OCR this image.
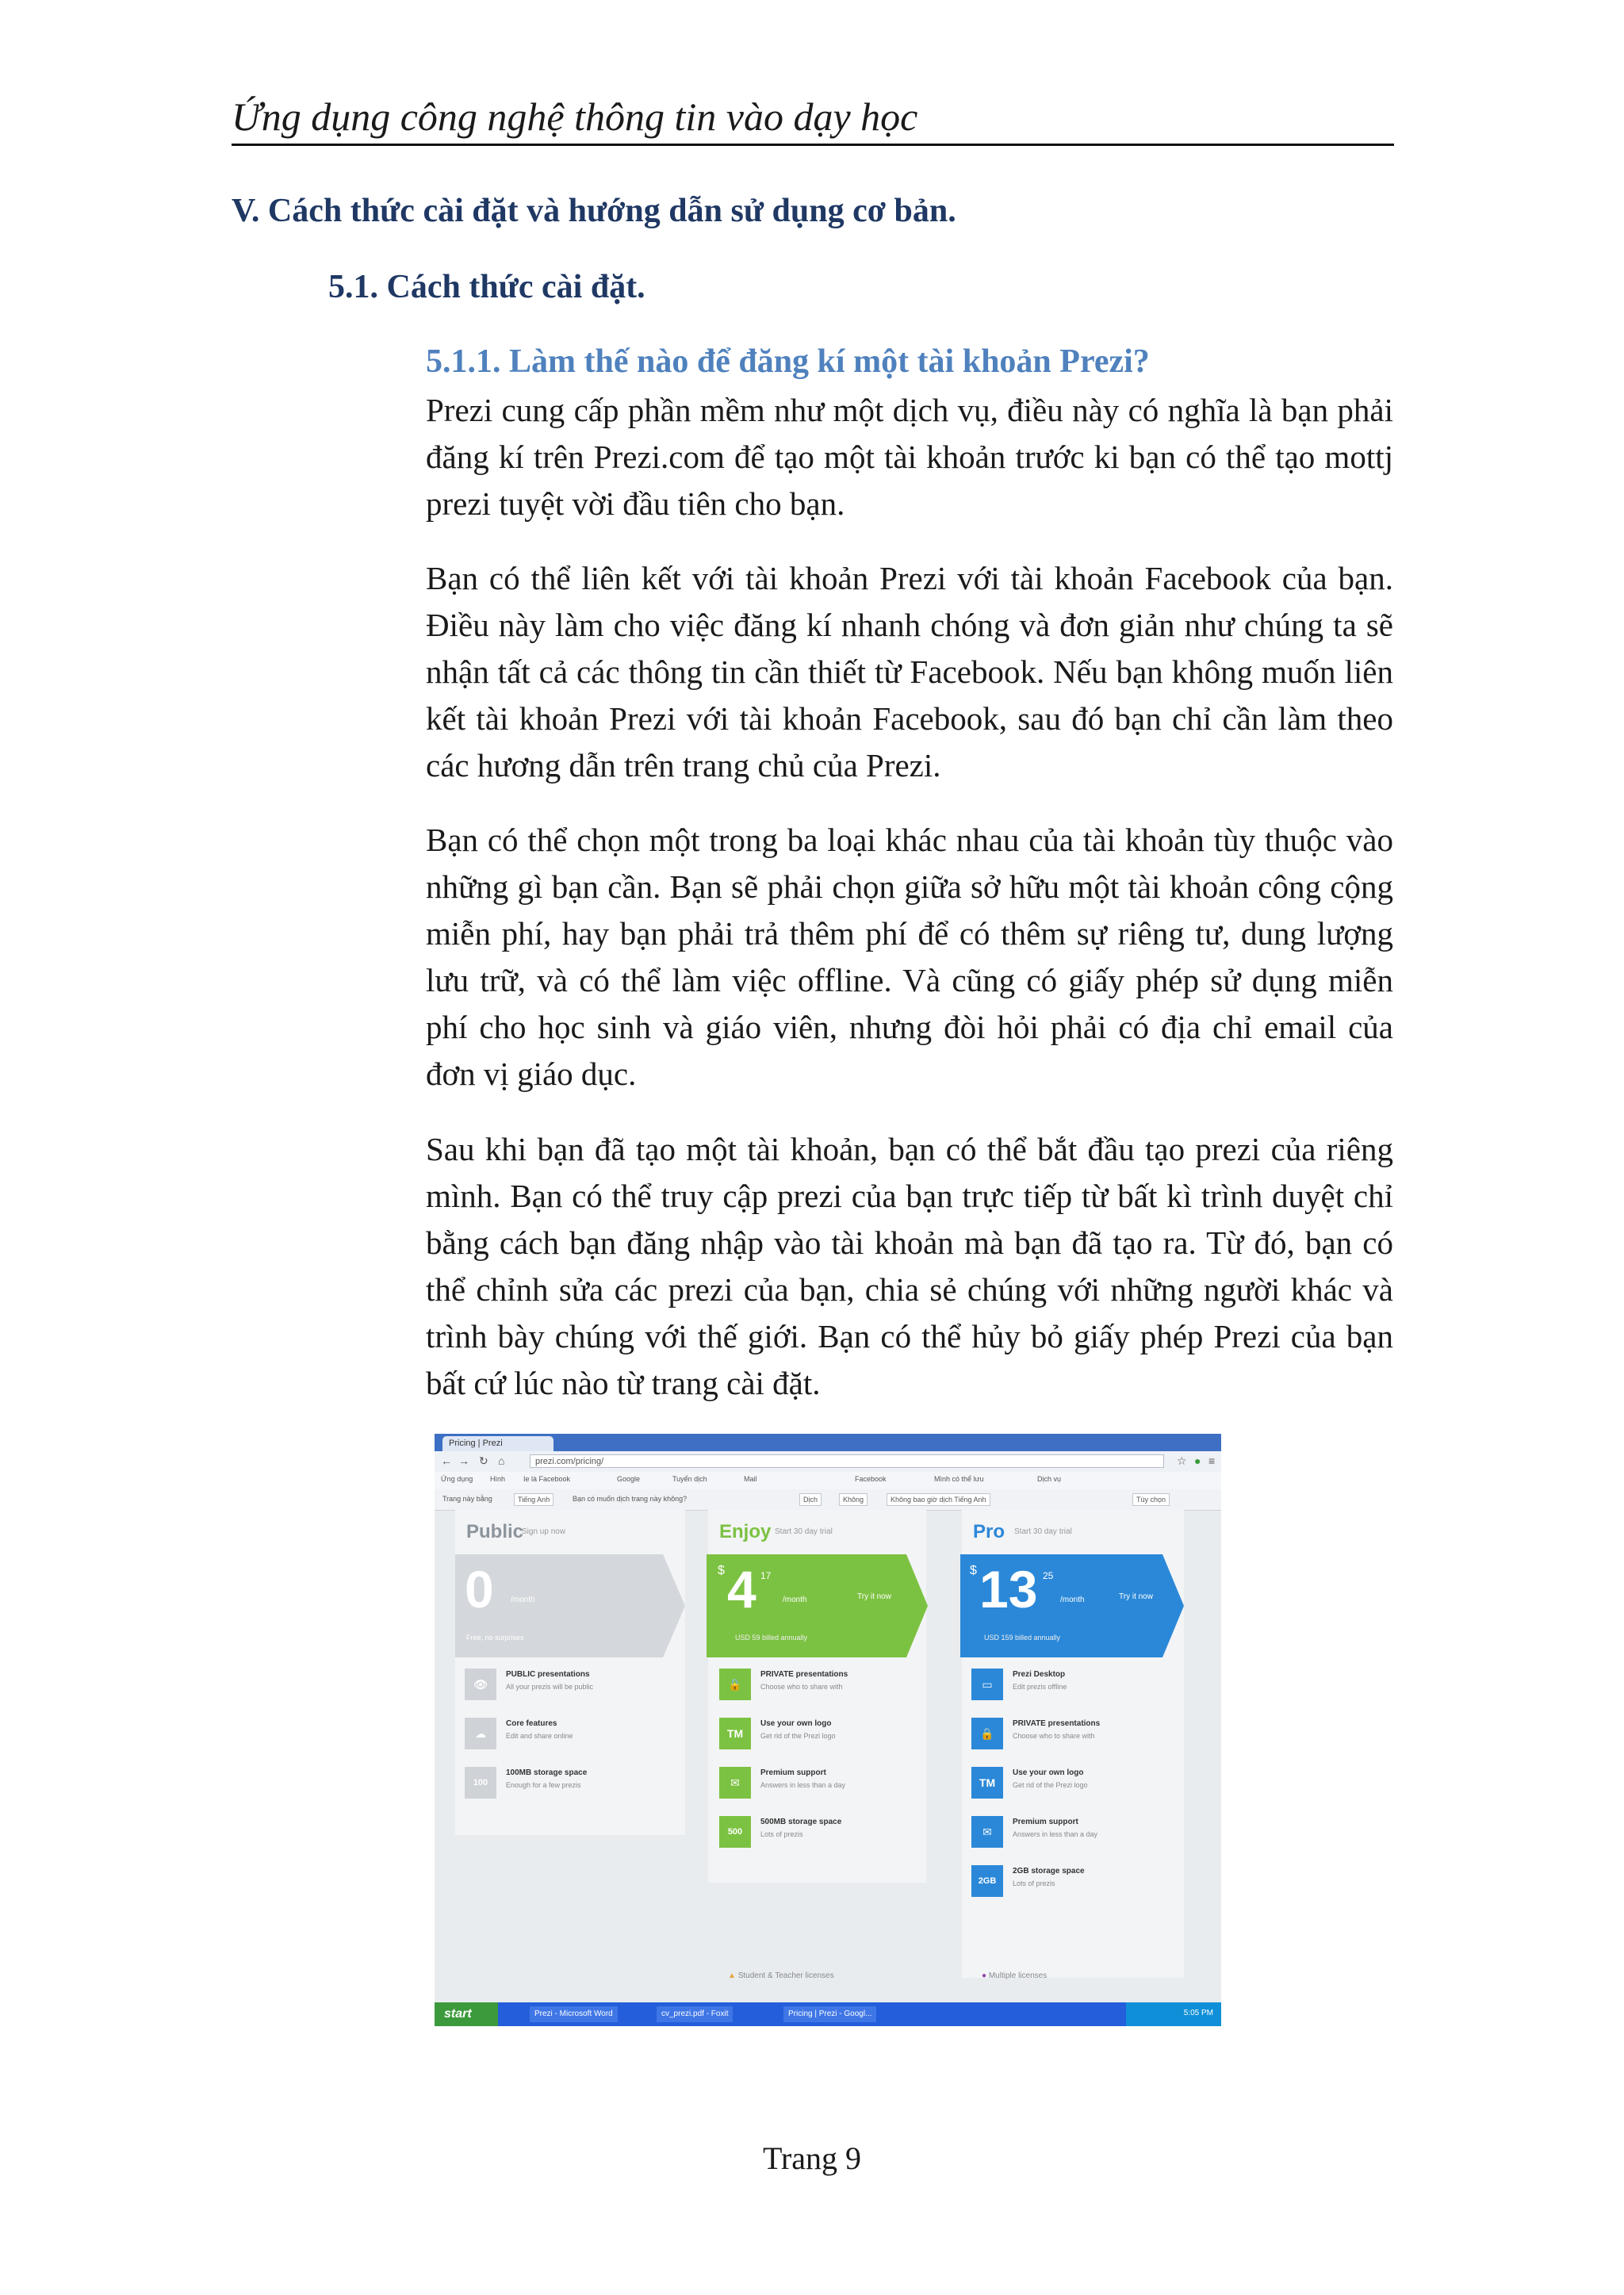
Ứng dụng công nghệ thông tin vào dạy học
V. Cách thức cài đặt và hướng dẫn sử dụng cơ bản.
5.1. Cách thức cài đặt.
5.1.1. Làm thế nào để đăng kí một tài khoản Prezi?
Prezi cung cấp phần mềm như một dịch vụ, điều này có nghĩa là bạn phải đăng kí trên Prezi.com để tạo một tài khoản trước ki bạn có thể tạo mottj prezi tuyệt vời đầu tiên cho bạn.
Bạn có thể liên kết với tài khoản Prezi với tài khoản Facebook của bạn. Điều này làm cho việc đăng kí nhanh chóng và đơn giản như chúng ta sẽ nhận tất cả các thông tin cần thiết từ Facebook. Nếu bạn không muốn liên kết tài khoản Prezi với tài khoản Facebook, sau đó bạn chỉ cần làm theo các hương dẫn trên trang chủ của Prezi.
Bạn có thể chọn một trong ba loại khác nhau của tài khoản tùy thuộc vào những gì bạn cần. Bạn sẽ phải chọn giữa sở hữu một tài khoản công cộng miễn phí, hay bạn phải trả thêm phí để có thêm sự riêng tư, dung lượng lưu trữ, và có thể làm việc offline. Và cũng có giấy phép sử dụng miễn phí cho học sinh và giáo viên, nhưng đòi hỏi phải có địa chỉ email của đơn vị giáo dục.
Sau khi bạn đã tạo một tài khoản, bạn có thể bắt đầu tạo prezi của riêng mình. Bạn có thể truy cập prezi của bạn trực tiếp từ bất kì trình duyệt chỉ bằng cách bạn đăng nhập vào tài khoản mà bạn đã tạo ra. Từ đó, bạn có thể chỉnh sửa các prezi của bạn, chia sẻ chúng với những người khác và trình bày chúng với thế giới. Bạn có thể hủy bỏ giấy phép Prezi của bạn bất cứ lúc nào từ trang cài đặt.
Pricing | Prezi
← → ↻ ⌂	prezi.com/pricing/	☆ ● ≡
Ứng dụng Hình	Ie là Facebook	Google	Tuyển dịch	Mail	Facebook	Mình có thể lưu	Dịch vụ
Trang này bằng	Tiếng Anh	Bạn có muốn dịch trang này không?	Dịch	Không	Không bao giờ dịch Tiếng Anh	Tùy chọn
Public
Sign up now
0 /month
Free, no surprises
👁
PUBLIC presentations
All your prezis will be public
☁
Core features
Edit and share online
100
100MB storage space
Enough for a few prezis
Enjoy Start 30 day trial
$ 4 17
/month	Try it now
USD 59 billed annually
🔒
PRIVATE presentations
Choose who to share with
TM
Use your own logo
Get rid of the Prezi logo
✉
Premium support
Answers in less than a day
500
500MB storage space
Lots of prezis
Pro Start 30 day trial
$ 13 25
/month	Try it now
USD 159 billed annually
▭
Prezi Desktop
Edit prezis offline
🔒
PRIVATE presentations
Choose who to share with
TM
Use your own logo
Get rid of the Prezi logo
✉
Premium support
Answers in less than a day
2GB
2GB storage space
Lots of prezis
▲ Student & Teacher licenses	● Multiple licenses
start	Prezi - Microsoft Word	cv_prezi.pdf - Foxit	Pricing | Prezi - Googl...	5:05 PM
Trang 9
